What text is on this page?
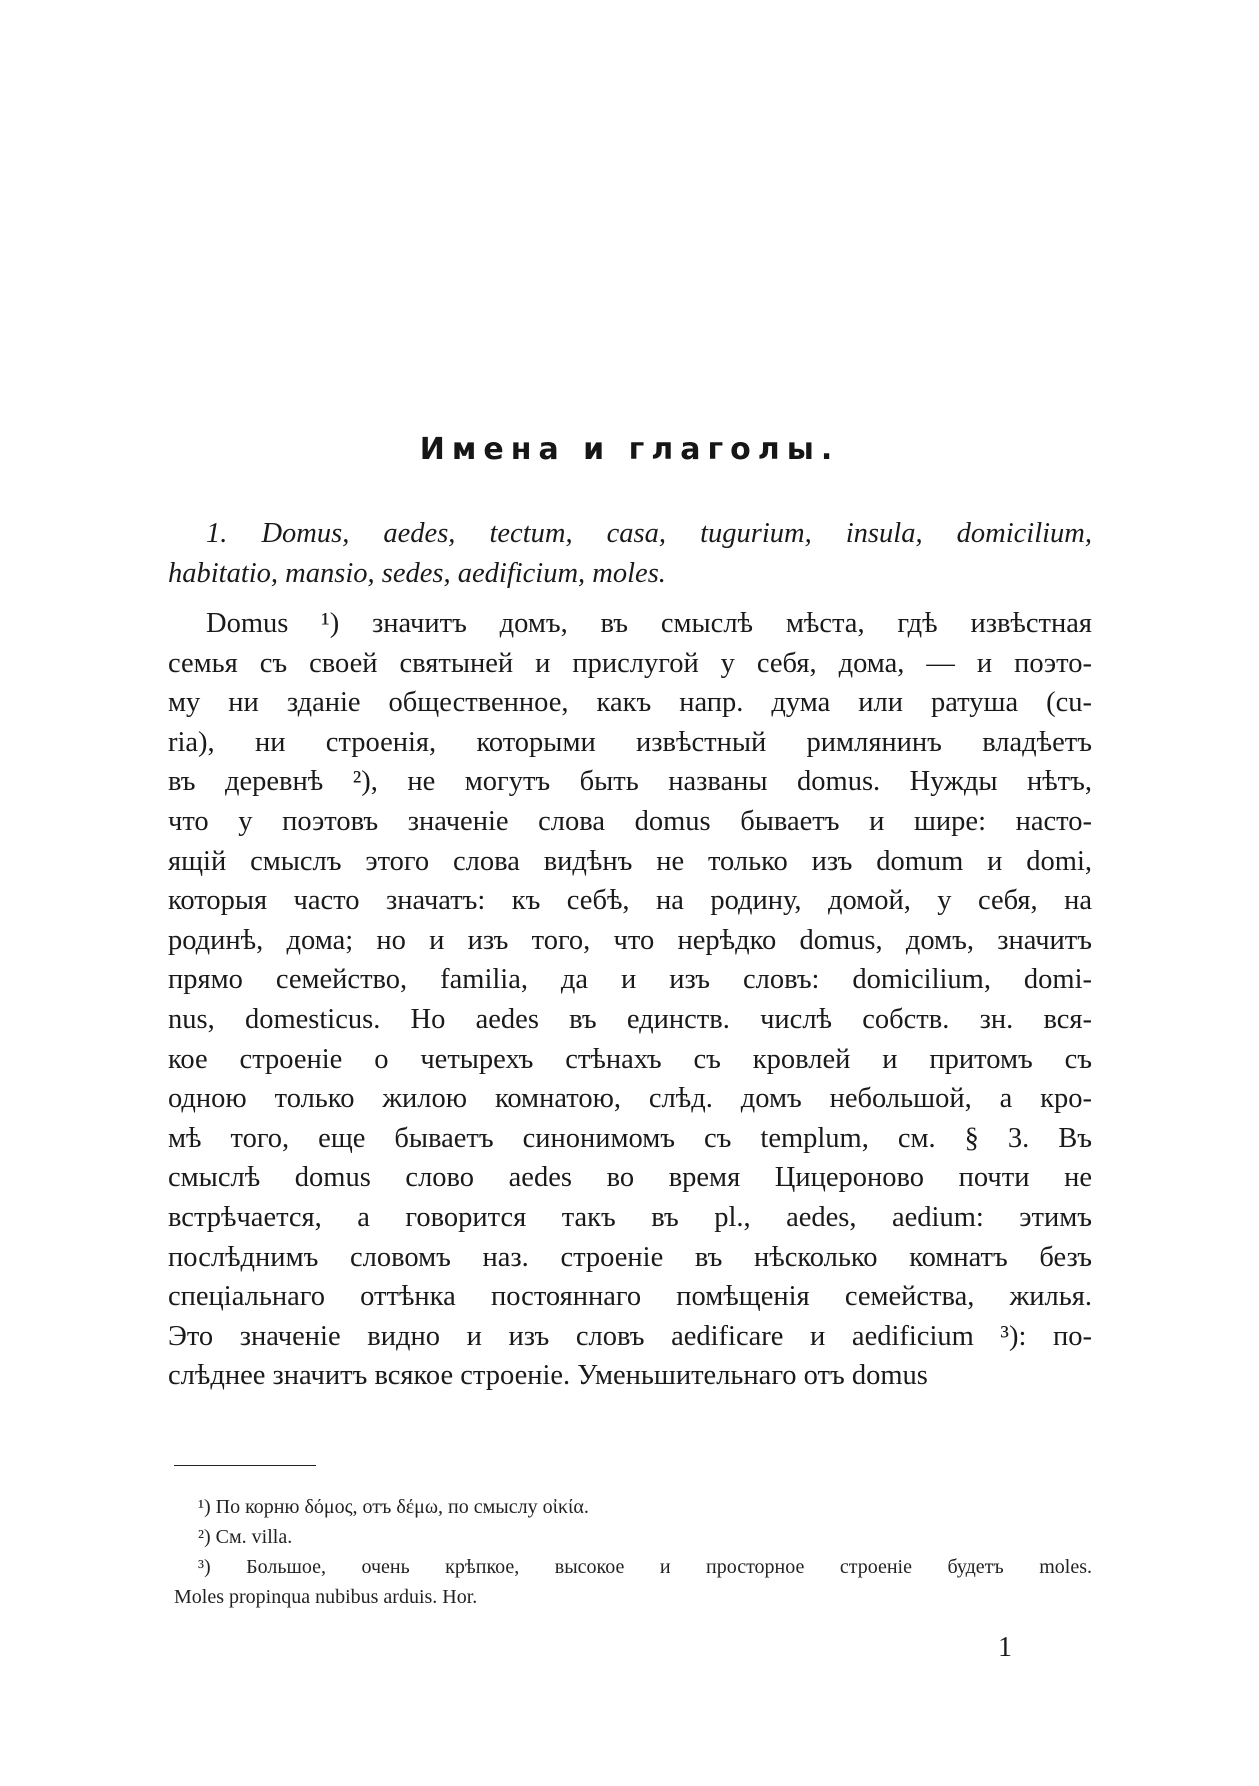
Имена и глаголы.
1. Domus, aedes, tectum, casa, tugurium, insula, domicilium,
habitatio, mansio, sedes, aedificium, moles.
Domus ¹) значитъ домъ, въ смыслѣ мѣста, гдѣ извѣстная
семья съ своей святыней и прислугой у себя, дома, — и поэто-
му ни зданіе общественное, какъ напр. дума или ратуша (cu-
ria), ни строенія, которыми извѣстный римлянинъ владѣетъ
въ деревнѣ ²), не могутъ быть названы domus. Нужды нѣтъ,
что у поэтовъ значеніе слова domus бываетъ и шире: насто-
ящій смыслъ этого слова видѣнъ не только изъ domum и domi,
которыя часто значатъ: къ себѣ, на родину, домой, у себя, на
родинѣ, дома; но и изъ того, что нерѣдко domus, домъ, значитъ
прямо семейство, familia, да и изъ словъ: domicilium, domi-
nus, domesticus. Но aedes въ единств. числѣ собств. зн. вся-
кое строеніе о четырехъ стѣнахъ съ кровлей и притомъ съ
одною только жилою комнатою, слѣд. домъ небольшой, а кро-
мѣ того, еще бываетъ синонимомъ съ templum, см. § 3. Въ
смыслѣ domus слово aedes во время Цицероново почти не
встрѣчается, а говорится такъ въ pl., aedes, aedium: этимъ
послѣднимъ словомъ наз. строеніе въ нѣсколько комнатъ безъ
спеціальнаго оттѣнка постояннаго помѣщенія семейства, жилья.
Это значеніе видно и изъ словъ aedificare и aedificium ³): по-
слѣднее значитъ всякое строеніе. Уменьшительнаго отъ domus
¹) По корню δόμος, отъ δέμω, по смыслу οἰκία.
²) См. villa.
³) Большое, очень крѣпкое, высокое и просторное строеніе будетъ moles.
Moles propinqua nubibus arduis. Hor.
1
